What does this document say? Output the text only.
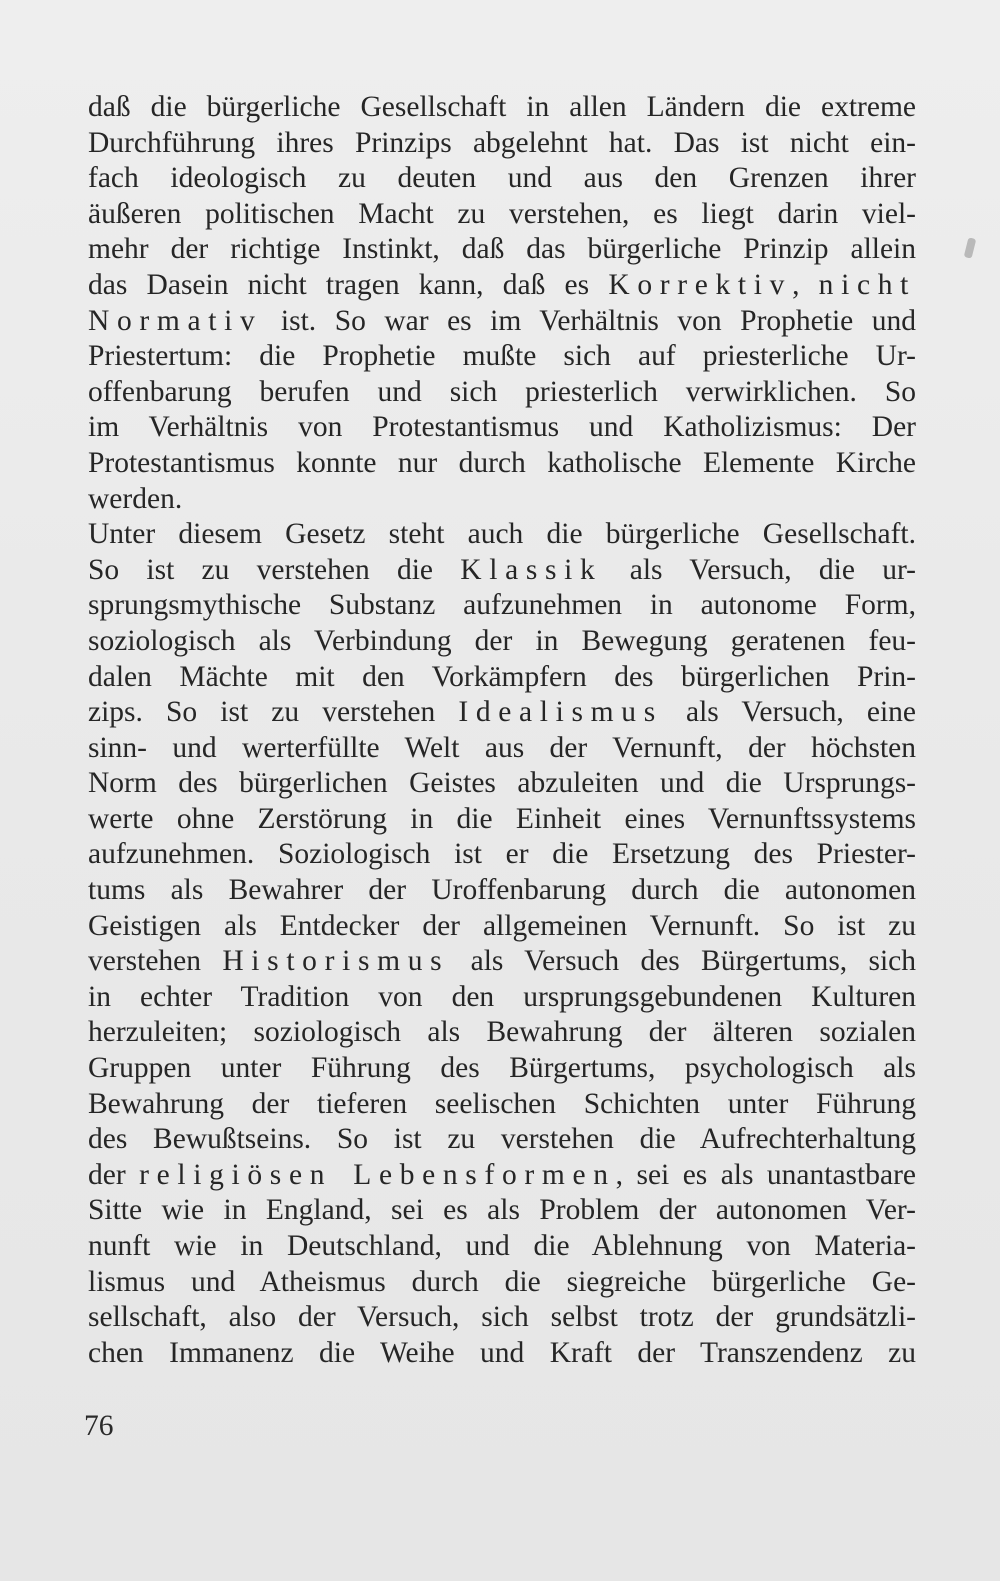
daß die bürgerliche Gesellschaft in allen Ländern die extreme
Durchführung ihres Prinzips abgelehnt hat. Das ist nicht ein-
fach ideologisch zu deuten und aus den Grenzen ihrer
äußeren politischen Macht zu verstehen, es liegt darin viel-
mehr der richtige Instinkt, daß das bürgerliche Prinzip allein
das Dasein nicht tragen kann, daß es Korrektiv, nicht
Normativ ist. So war es im Verhältnis von Prophetie und
Priestertum: die Prophetie mußte sich auf priesterliche Ur-
offenbarung berufen und sich priesterlich verwirklichen. So
im Verhältnis von Protestantismus und Katholizismus: Der
Protestantismus konnte nur durch katholische Elemente Kirche
werden.
Unter diesem Gesetz steht auch die bürgerliche Gesellschaft.
So ist zu verstehen die Klassik als Versuch, die ur-
sprungsmythische Substanz aufzunehmen in autonome Form,
soziologisch als Verbindung der in Bewegung geratenen feu-
dalen Mächte mit den Vorkämpfern des bürgerlichen Prin-
zips. So ist zu verstehen Idealismus als Versuch, eine
sinn- und werterfüllte Welt aus der Vernunft, der höchsten
Norm des bürgerlichen Geistes abzuleiten und die Ursprungs-
werte ohne Zerstörung in die Einheit eines Vernunftssystems
aufzunehmen. Soziologisch ist er die Ersetzung des Priester-
tums als Bewahrer der Uroffenbarung durch die autonomen
Geistigen als Entdecker der allgemeinen Vernunft. So ist zu
verstehen Historismus als Versuch des Bürgertums, sich
in echter Tradition von den ursprungsgebundenen Kulturen
herzuleiten; soziologisch als Bewahrung der älteren sozialen
Gruppen unter Führung des Bürgertums, psychologisch als
Bewahrung der tieferen seelischen Schichten unter Führung
des Bewußtseins. So ist zu verstehen die Aufrechterhaltung
der religiösen Lebensformen, sei es als unantastbare
Sitte wie in England, sei es als Problem der autonomen Ver-
nunft wie in Deutschland, und die Ablehnung von Materia-
lismus und Atheismus durch die siegreiche bürgerliche Ge-
sellschaft, also der Versuch, sich selbst trotz der grundsätzli-
chen Immanenz die Weihe und Kraft der Transzendenz zu
76
